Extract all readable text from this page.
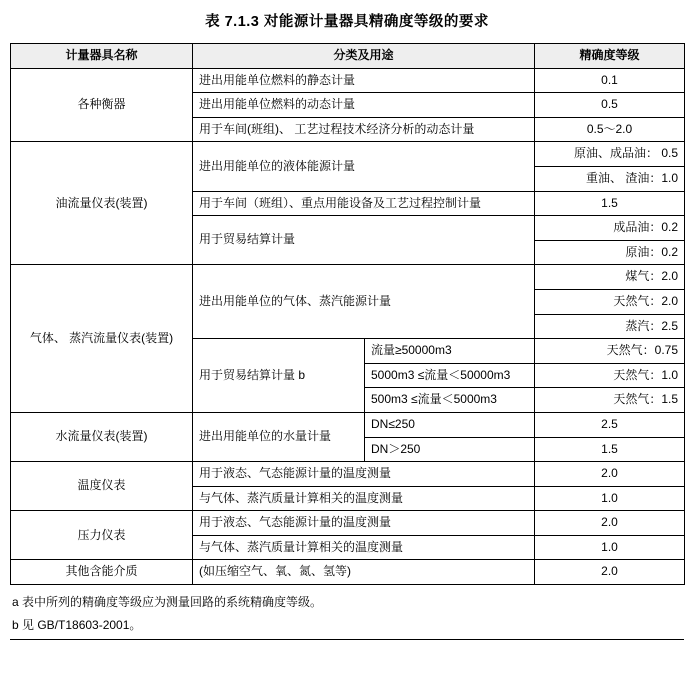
表 7.1.3 对能源计量器具精确度等级的要求
计量器具名称	分类及用途		精确度等级
各种衡器	进出用能单位燃料的静态计量		0.1
	进出用能单位燃料的动态计量		0.5
	用于车间(班组)、 工艺过程技术经济分析的动态计量		0.5～2.0
油流量仪表(装置)	进出用能单位的液体能源计量		原油、成品油： 0.5
			重油、 渣油：1.0
	用于车间（班组）、重点用能设备及工艺过程控制计量		1.5
	用于贸易结算计量		成品油：0.2
			原油：0.2
气体、 蒸汽流量仪表(装置)	进出用能单位的气体、蒸汽能源计量		煤气：2.0
			天然气：2.0
			蒸汽：2.5
	用于贸易结算计量 b	流量≥50000m3	天然气：0.75
		5000m3 ≤流量＜50000m3	天然气：1.0
		500m3 ≤流量＜5000m3	天然气：1.5
水流量仪表(装置)	进出用能单位的水量计量	DN≤250	2.5
		DN＞250	1.5
温度仪表	用于液态、气态能源计量的温度测量		2.0
	与气体、蒸汽质量计算相关的温度测量		1.0
压力仪表	用于液态、气态能源计量的温度测量		2.0
	与气体、蒸汽质量计算相关的温度测量		1.0
其他含能介质	(如压缩空气、氧、氮、氢等)		2.0
a 表中所列的精确度等级应为测量回路的系统精确度等级。
b 见 GB/T18603-2001。
